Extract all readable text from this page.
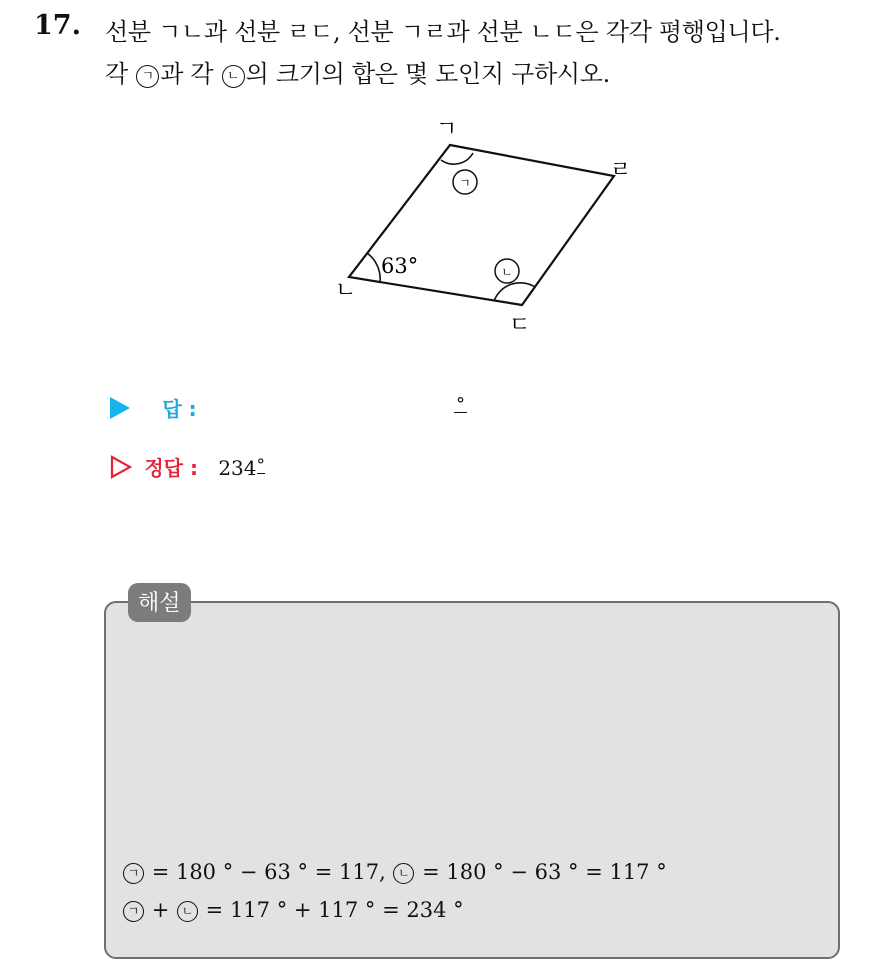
17. 선분 ㄱㄴ과 선분 ㄹㄷ, 선분 ㄱㄹ과 선분 ㄴㄷ은 각각 평행입니다.
각 ㄱ 과 각 ㄴ 의 크기의 합은 몇 도인지 구하시오.
ㄱ
ㄴ
ㄱ
ㄹ
ㄴ
ㄷ
63°
답 :	°
정답 : 234°
해설
ㄱ = 180 ° − 63 ° = 117, ㄴ = 180 ° − 63 ° = 117 °
ㄱ + ㄴ = 117 ° + 117 ° = 234 °
